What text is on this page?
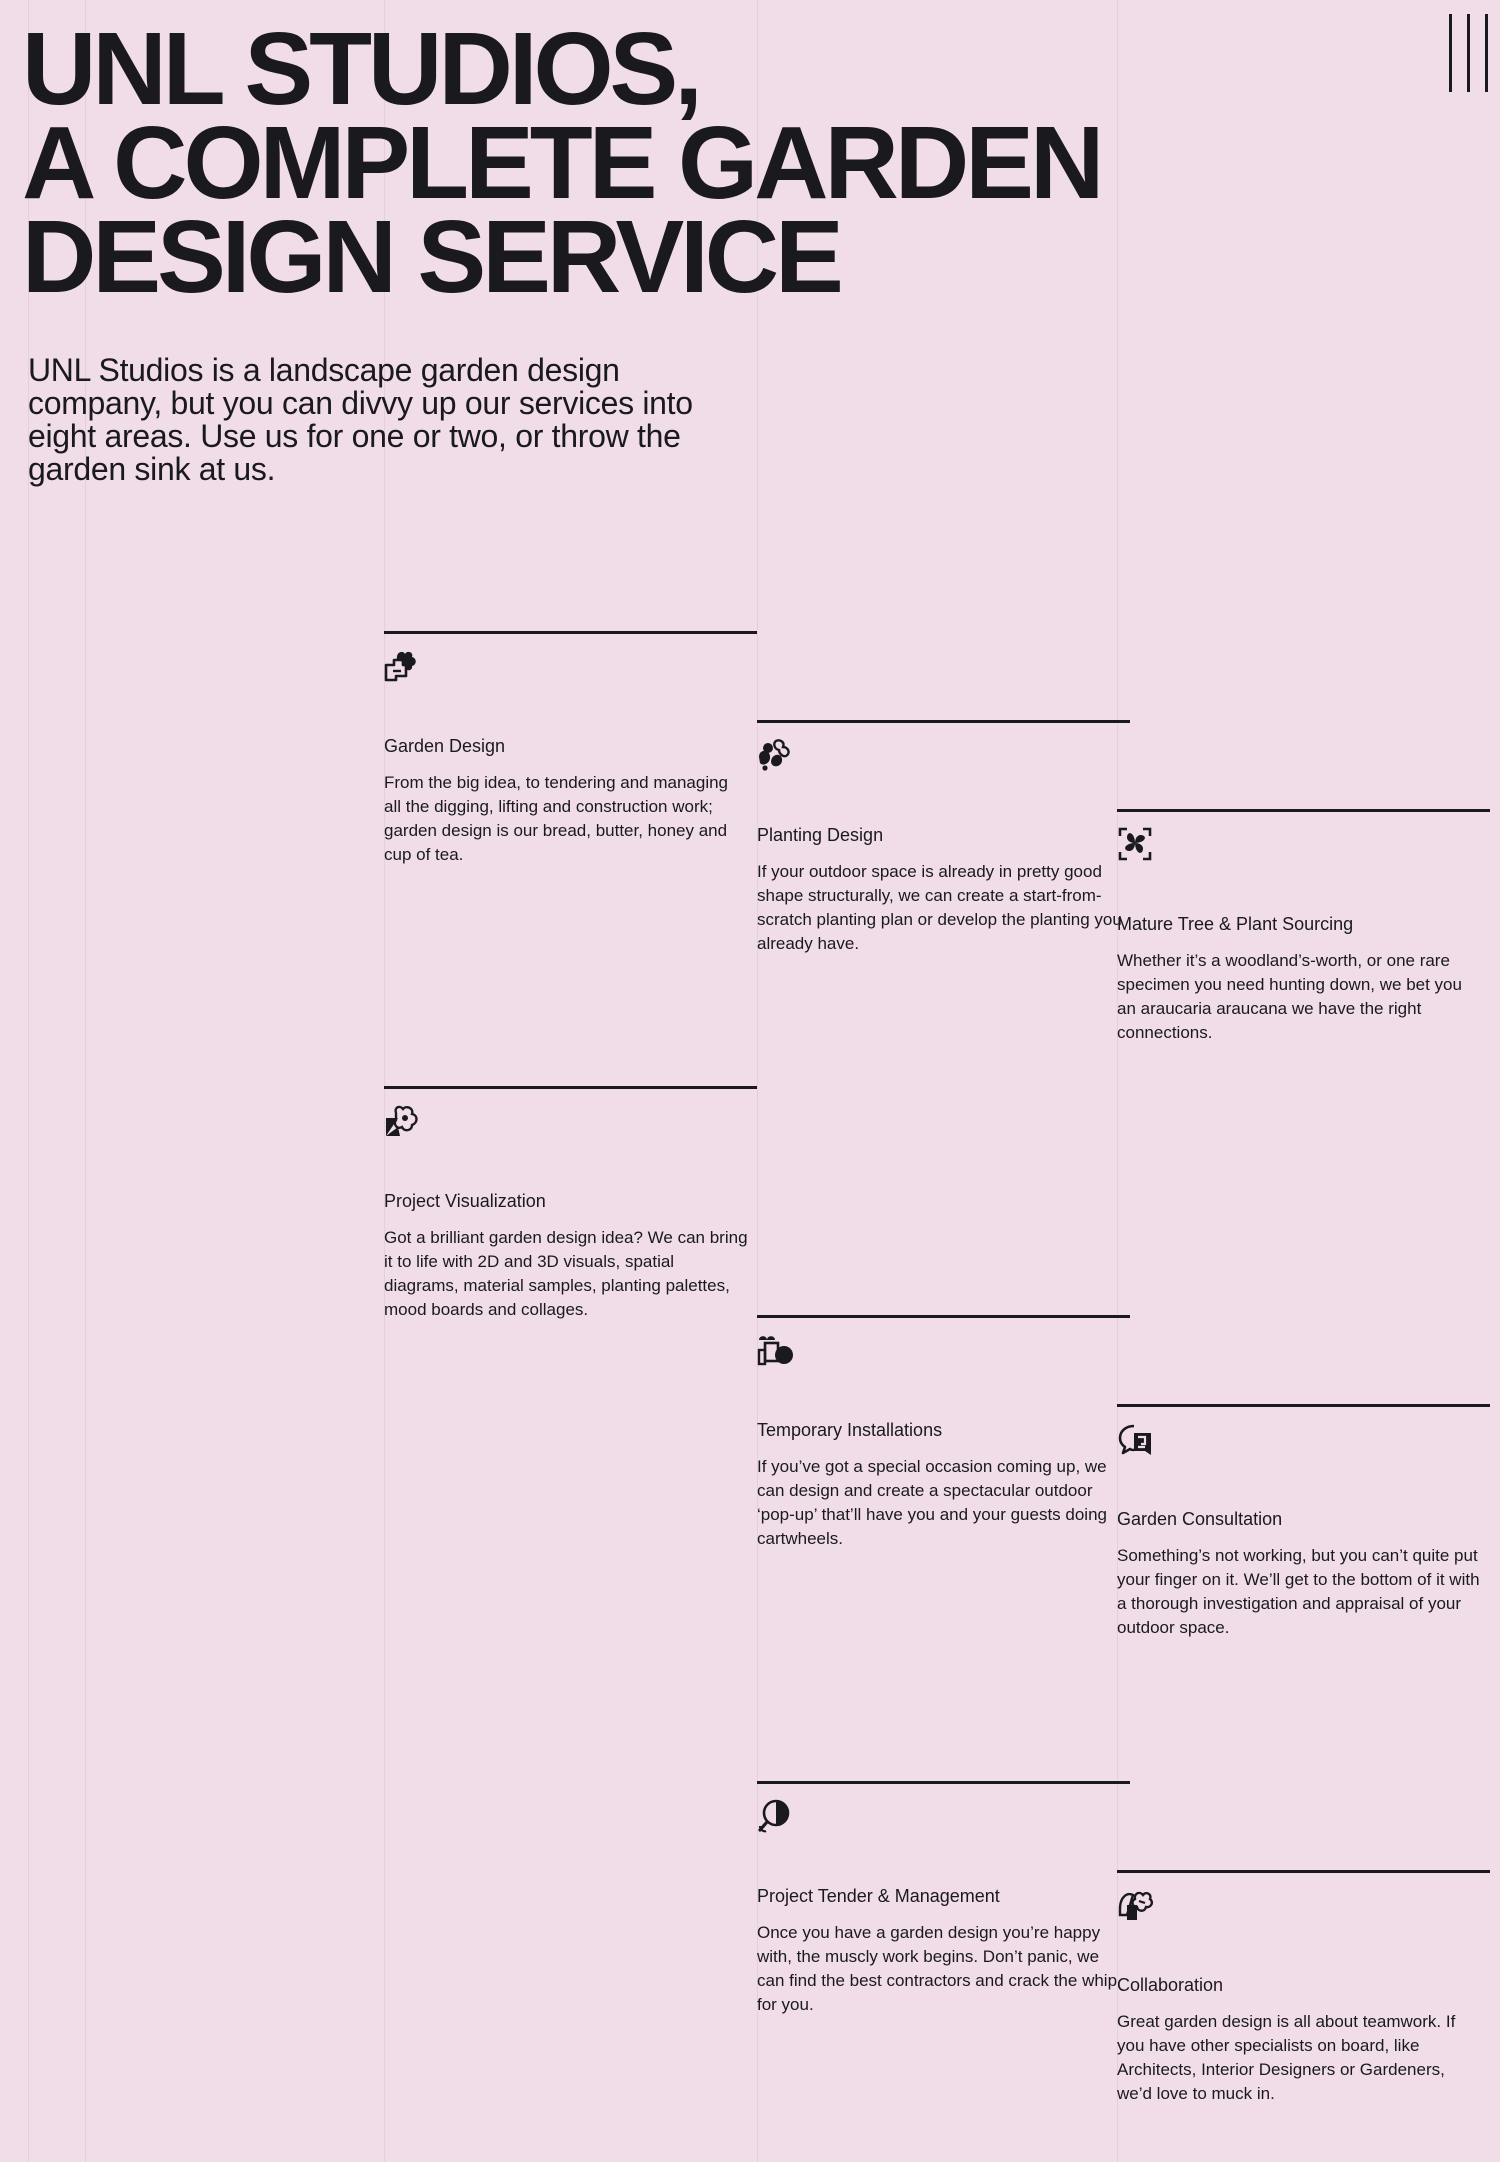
UNL STUDIOS,
A COMPLETE GARDEN
DESIGN SERVICE

UNL Studios is a landscape garden design company, but you can divvy up our services into eight areas. Use us for one or two, or throw the garden sink at us.

Garden Design

From the big idea, to tendering and managing all the digging, lifting and construction work; garden design is our bread, butter, honey and cup of tea.

Planting Design

If your outdoor space is already in pretty good shape structurally, we can create a start-from-scratch planting plan or develop the planting you already have.

Mature Tree & Plant Sourcing

Whether it’s a woodland’s-worth, or one rare specimen you need hunting down, we bet you an araucaria araucana we have the right connections.

Project Visualization

Got a brilliant garden design idea? We can bring it to life with 2D and 3D visuals, spatial diagrams, material samples, planting palettes, mood boards and collages.

Temporary Installations

If you’ve got a special occasion coming up, we can design and create a spectacular outdoor ‘pop-up’ that’ll have you and your guests doing cartwheels.

Garden Consultation

Something’s not working, but you can’t quite put your finger on it. We’ll get to the bottom of it with a thorough investigation and appraisal of your outdoor space.

Project Tender & Management

Once you have a garden design you’re happy with, the muscly work begins. Don’t panic, we can find the best contractors and crack the whip for you.

Collaboration

Great garden design is all about teamwork. If you have other specialists on board, like Architects, Interior Designers or Gardeners, we’d love to muck in.
